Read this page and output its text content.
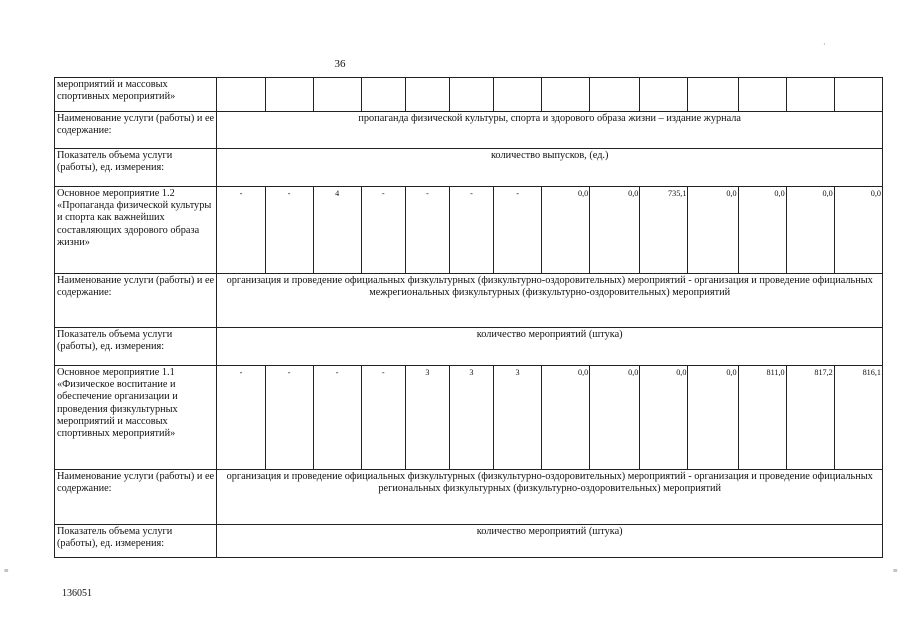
36
·
≡	≡
мероприятий и массовых спортивных мероприятий»														
Наименование услуги (работы) и ее содержание:	пропаганда физической культуры, спорта и здорового образа жизни – издание журнала													
Показатель объема услуги (работы), ед. измерения:	количество выпусков, (ед.)													
Основное мероприятие 1.2 «Пропаганда физической культуры и спорта как важнейших составляющих здорового образа жизни»	-	-	4	-	-	-	-	0,0	0,0	735,1	0,0	0,0	0,0	0,0
Наименование услуги (работы) и ее содержание:	организация и проведение официальных физкультурных (физкультурно-оздоровительных) мероприятий - организация и проведение официальных межрегиональных физкультурных (физкультурно-оздоровительных) мероприятий													
Показатель объема услуги (работы), ед. измерения:	количество мероприятий (штука)													
Основное мероприятие 1.1 «Физическое воспитание и обеспечение организации и проведения физкультурных мероприятий и массовых спортивных мероприятий»	-	-	-	-	3	3	3	0,0	0,0	0,0	0,0	811,0	817,2	816,1
Наименование услуги (работы) и ее содержание:	организация и проведение официальных физкультурных (физкультурно-оздоровительных) мероприятий - организация и проведение официальных региональных физкультурных (физкультурно-оздоровительных) мероприятий													
Показатель объема услуги (работы), ед. измерения:	количество мероприятий (штука)													
136051
